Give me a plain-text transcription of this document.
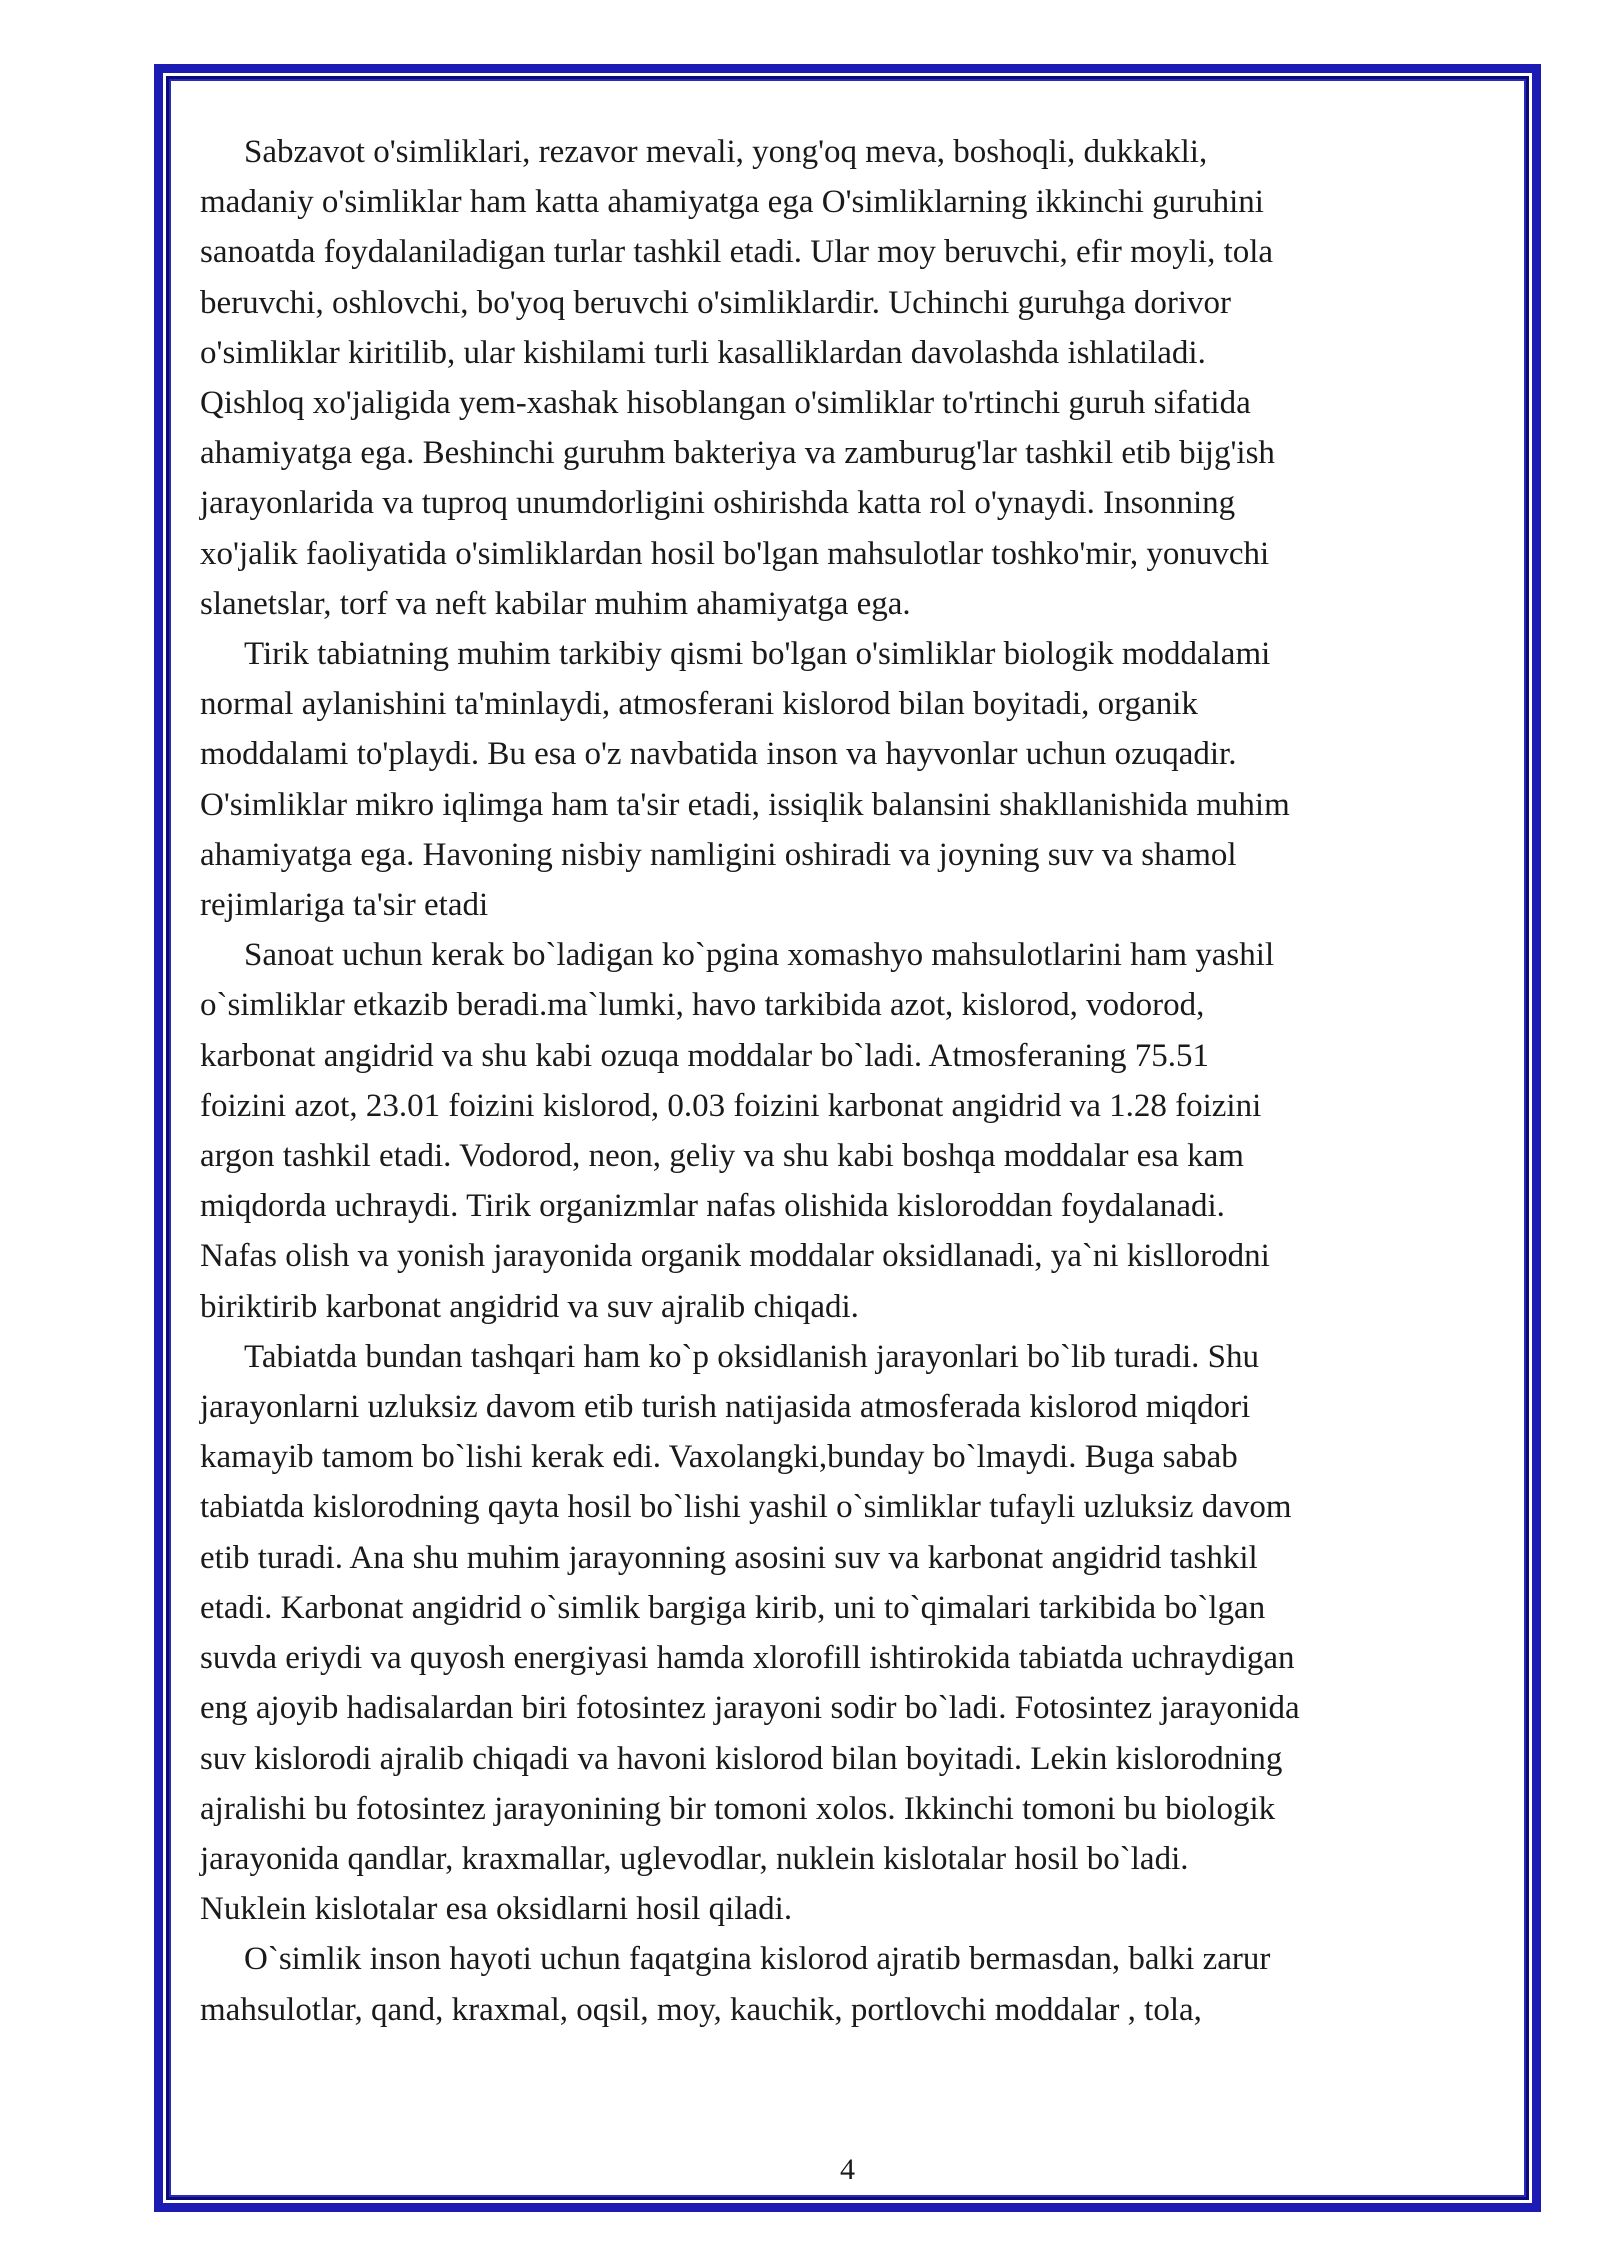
Sabzavot o'simliklari, rezavor mevali, yong'oq meva, boshoqli, dukkakli,
madaniy o'simliklar ham katta ahamiyatga ega O'simliklarning ikkinchi guruhini
sanoatda foydalaniladigan turlar tashkil etadi. Ular moy beruvchi, efir moyli, tola
beruvchi, oshlovchi, bo'yoq beruvchi o'simliklardir. Uchinchi guruhga dorivor
o'simliklar kiritilib, ular kishilami turli kasalliklardan davolashda ishlatiladi.
Qishloq xo'jaligida yem-xashak hisoblangan o'simliklar to'rtinchi guruh sifatida
ahamiyatga ega. Beshinchi guruhm bakteriya va zamburug'lar tashkil etib bijg'ish
jarayonlarida va tuproq unumdorligini oshirishda katta rol o'ynaydi. Insonning
xo'jalik faoliyatida o'simliklardan hosil bo'lgan mahsulotlar toshko'mir, yonuvchi
slanetslar, torf va neft kabilar muhim ahamiyatga ega.

Tirik tabiatning muhim tarkibiy qismi bo'lgan o'simliklar biologik moddalami
normal aylanishini ta'minlaydi, atmosferani kislorod bilan boyitadi, organik
moddalami to'playdi. Bu esa o'z navbatida inson va hayvonlar uchun ozuqadir.
O'simliklar mikro iqlimga ham ta'sir etadi, issiqlik balansini shakllanishida muhim
ahamiyatga ega. Havoning nisbiy namligini oshiradi va joyning suv va shamol
rejimlariga ta'sir etadi

Sanoat uchun kerak bo`ladigan ko`pgina xomashyo mahsulotlarini ham yashil
o`simliklar etkazib beradi.ma`lumki, havo tarkibida azot, kislorod, vodorod,
karbonat angidrid va shu kabi ozuqa moddalar bo`ladi. Atmosferaning 75.51
foizini azot, 23.01 foizini kislorod, 0.03 foizini karbonat angidrid va 1.28 foizini
argon tashkil etadi. Vodorod, neon, geliy va shu kabi boshqa moddalar esa kam
miqdorda uchraydi. Tirik organizmlar nafas olishida kisloroddan foydalanadi.
Nafas olish va yonish jarayonida organik moddalar oksidlanadi, ya`ni kisllorodni
biriktirib karbonat angidrid va suv ajralib chiqadi.

Tabiatda bundan tashqari ham ko`p oksidlanish jarayonlari bo`lib turadi. Shu
jarayonlarni uzluksiz davom etib turish natijasida atmosferada kislorod miqdori
kamayib tamom bo`lishi kerak edi. Vaxolangki,bunday bo`lmaydi. Buga sabab
tabiatda kislorodning qayta hosil bo`lishi yashil o`simliklar tufayli uzluksiz davom
etib turadi. Ana shu muhim jarayonning asosini suv va karbonat angidrid tashkil
etadi. Karbonat angidrid o`simlik bargiga kirib, uni to`qimalari tarkibida bo`lgan
suvda eriydi va quyosh energiyasi hamda xlorofill ishtirokida tabiatda uchraydigan
eng ajoyib hadisalardan biri fotosintez jarayoni sodir bo`ladi. Fotosintez jarayonida
suv kislorodi ajralib chiqadi va havoni kislorod bilan boyitadi. Lekin kislorodning
ajralishi bu fotosintez jarayonining bir tomoni xolos. Ikkinchi tomoni bu biologik
jarayonida qandlar, kraxmallar, uglevodlar, nuklein kislotalar hosil bo`ladi.
Nuklein kislotalar esa oksidlarni hosil qiladi.

O`simlik inson hayoti uchun faqatgina kislorod ajratib bermasdan, balki zarur
mahsulotlar, qand, kraxmal, oqsil, moy, kauchik, portlovchi moddalar , tola,

4
